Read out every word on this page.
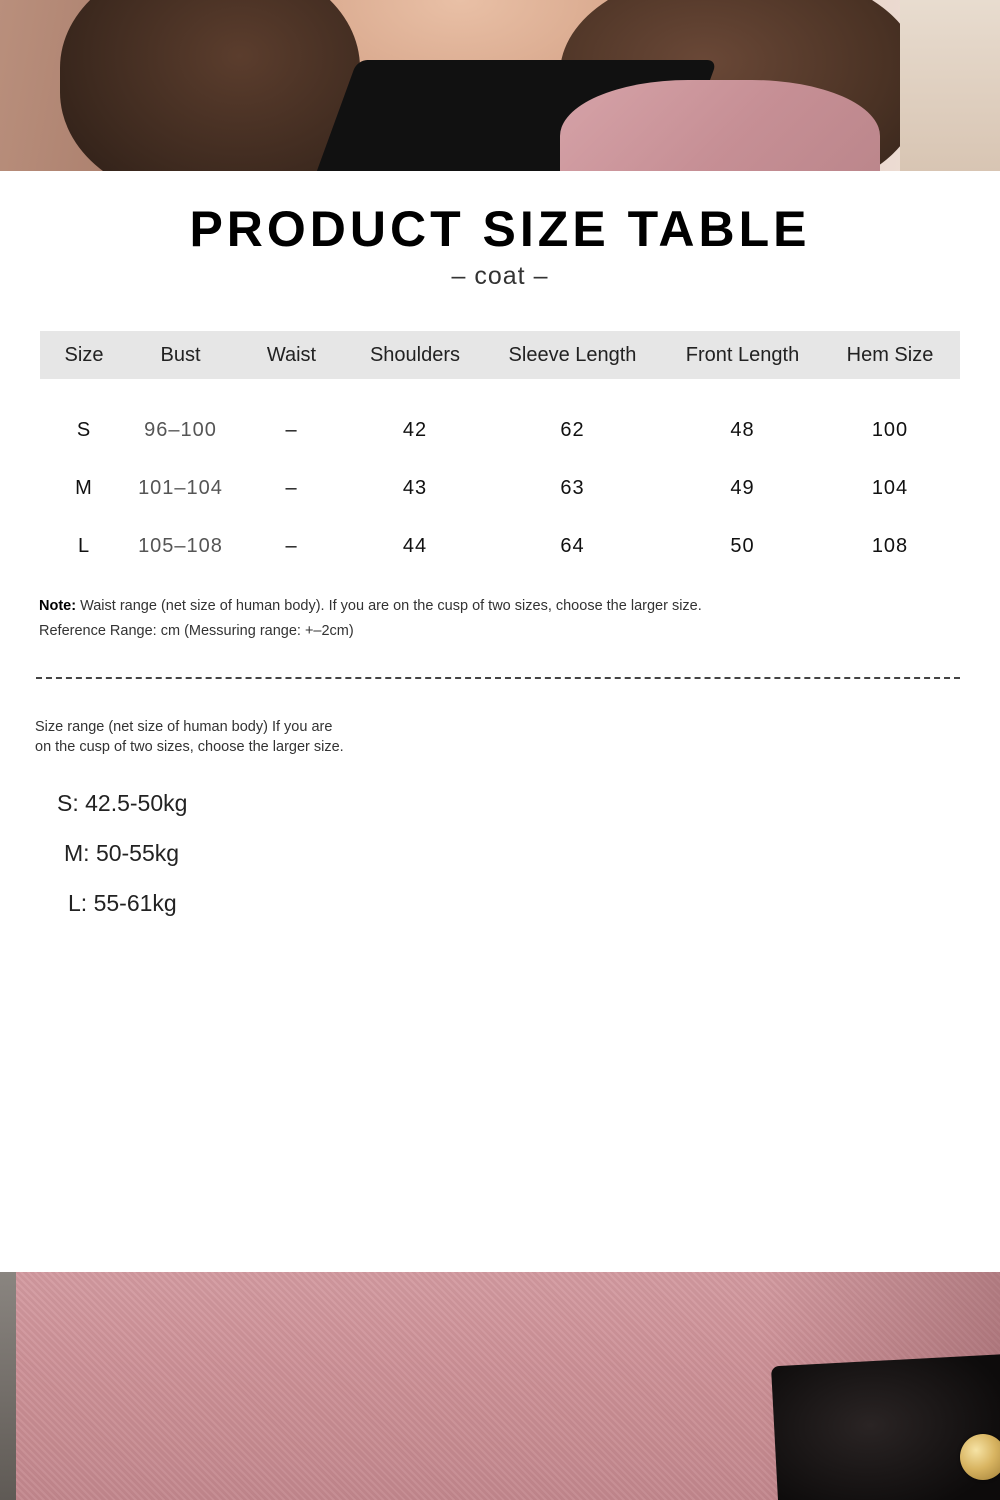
PRODUCT SIZE TABLE
– coat –
Size	Bust	Waist	Shoulders	Sleeve Length	Front Length	Hem Size

S	96–100	–	42	62	48	100
M	101–104	–	43	63	49	104
L	105–108	–	44	64	50	108
Note: Waist range (net size of human body). If you are on the cusp of two sizes, choose the larger size.
Reference Range: cm (Messuring range: +–2cm)
Size range (net size of human body) If you are
on the cusp of two sizes, choose the larger size.
S: 42.5-50kg
M: 50-55kg
L: 55-61kg
